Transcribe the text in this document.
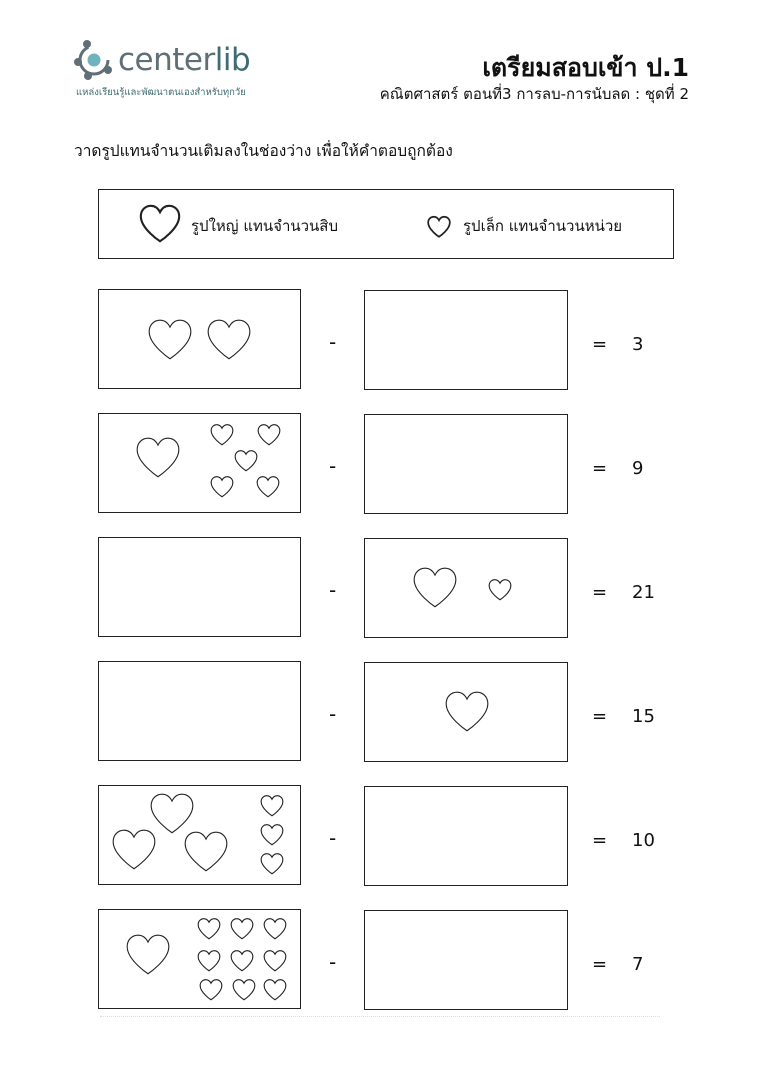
centerlib
แหล่งเรียนรู้และพัฒนาตนเองสำหรับทุกวัย
เตรียมสอบเข้า ป.1
คณิตศาสตร์ ตอนที่3 การลบ-การนับลด : ชุดที่ 2
วาดรูปแทนจำนวนเติมลงในช่องว่าง เพื่อให้คำตอบถูกต้อง
รูปใหญ่ แทนจำนวนสิบ	รูปเล็ก แทนจำนวนหน่วย
-	= 3
-	= 9
-	= 21
-	= 15
-	= 10
-	= 7
